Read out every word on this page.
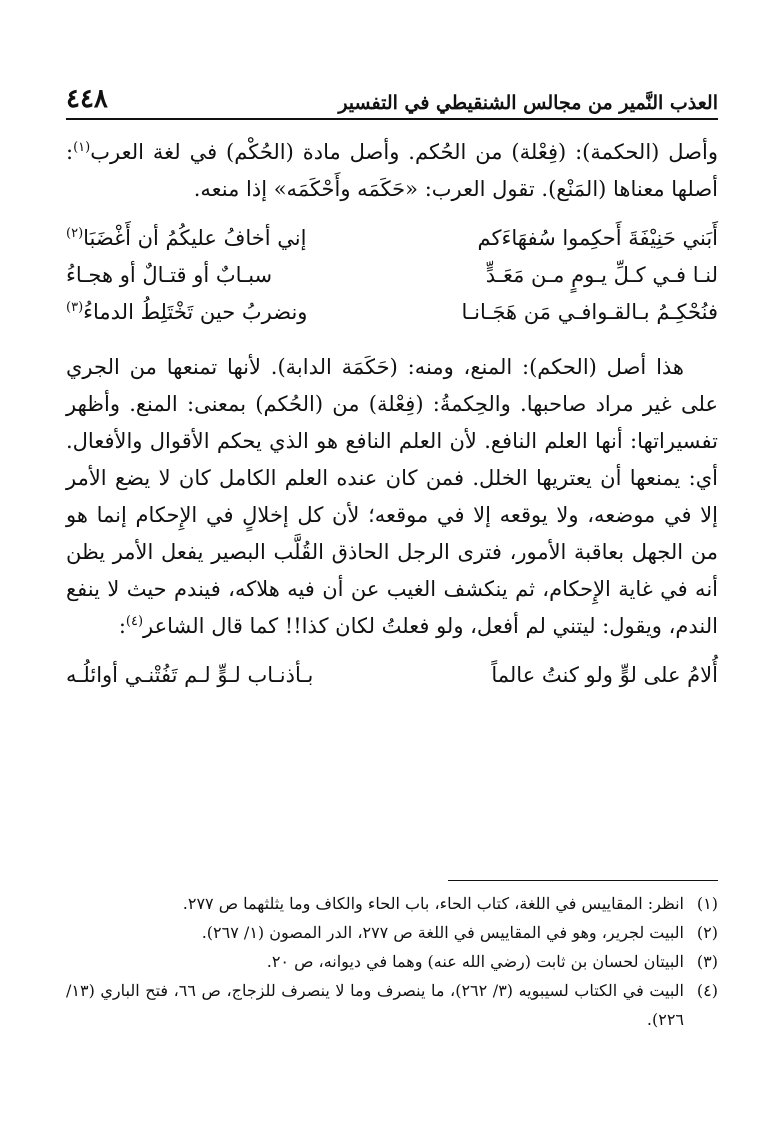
العذب النَّمير من مجالس الشنقيطي في التفسير
٤٤٨

وأصل (الحكمة): (فِعْلة) من الحُكم. وأصل مادة (الحُكْم) في لغة العرب$^{(١)}$: أصلها معناها (المَنْع). تقول العرب: «حَكَمَه وأَحْكَمَه» إذا منعه.

أَبَني حَنِيْفَةَ أَحكِموا سُفهَاءَكم
إني أخافُ عليكُمُ أن أَغْضَبَا$^{(٢)}$
لنـا فـي كـلِّ يـومٍ مـن مَعَـدٍّ
سبـابٌ أو قتـالٌ أو هجـاءُ
فنُحْكِـمُ بـالقـوافـي مَن هَجَـانـا
ونضربُ حين تَخْتَلِطُ الدماءُ$^{(٣)}$

هذا أصل (الحكم): المنع، ومنه: (حَكَمَة الدابة). لأنها تمنعها من الجري على غير مراد صاحبها. والحِكمةُ: (فِعْلة) من (الحُكم) بمعنى: المنع. وأظهر تفسيراتها: أنها العلم النافع. لأن العلم النافع هو الذي يحكم الأقوال والأفعال. أي: يمنعها أن يعتريها الخلل. فمن كان عنده العلم الكامل كان لا يضع الأمر إلا في موضعه، ولا يوقعه إلا في موقعه؛ لأن كل إخلالٍ في الإِحكام إنما هو من الجهل بعاقبة الأمور، فترى الرجل الحاذق القُلَّب البصير يفعل الأمر يظن أنه في غاية الإِحكام، ثم ينكشف الغيب عن أن فيه هلاكه، فيندم حيث لا ينفع الندم، ويقول: ليتني لم أفعل، ولو فعلتُ لكان كذا!! كما قال الشاعر$^{(٤)}$:

أُلامُ على لوٍّ ولو كنتُ عالماً
بـأذنـاب لـوٍّ لـم تَفُتْنـي أوائلُـه
(١)
انظر: المقاييس في اللغة، كتاب الحاء، باب الحاء والكاف وما يثلثهما ص ٢٧٧.
(٢)
البيت لجرير، وهو في المقاييس في اللغة ص ٢٧٧، الدر المصون (١/ ٢٦٧).
(٣)
البيتان لحسان بن ثابت (رضي الله عنه) وهما في ديوانه، ص ٢٠.
(٤)
البيت في الكتاب لسيبويه (٣/ ٢٦٢)، ما ينصرف وما لا ينصرف للزجاج، ص ٦٦، فتح الباري (١٣/ ٢٢٦).
